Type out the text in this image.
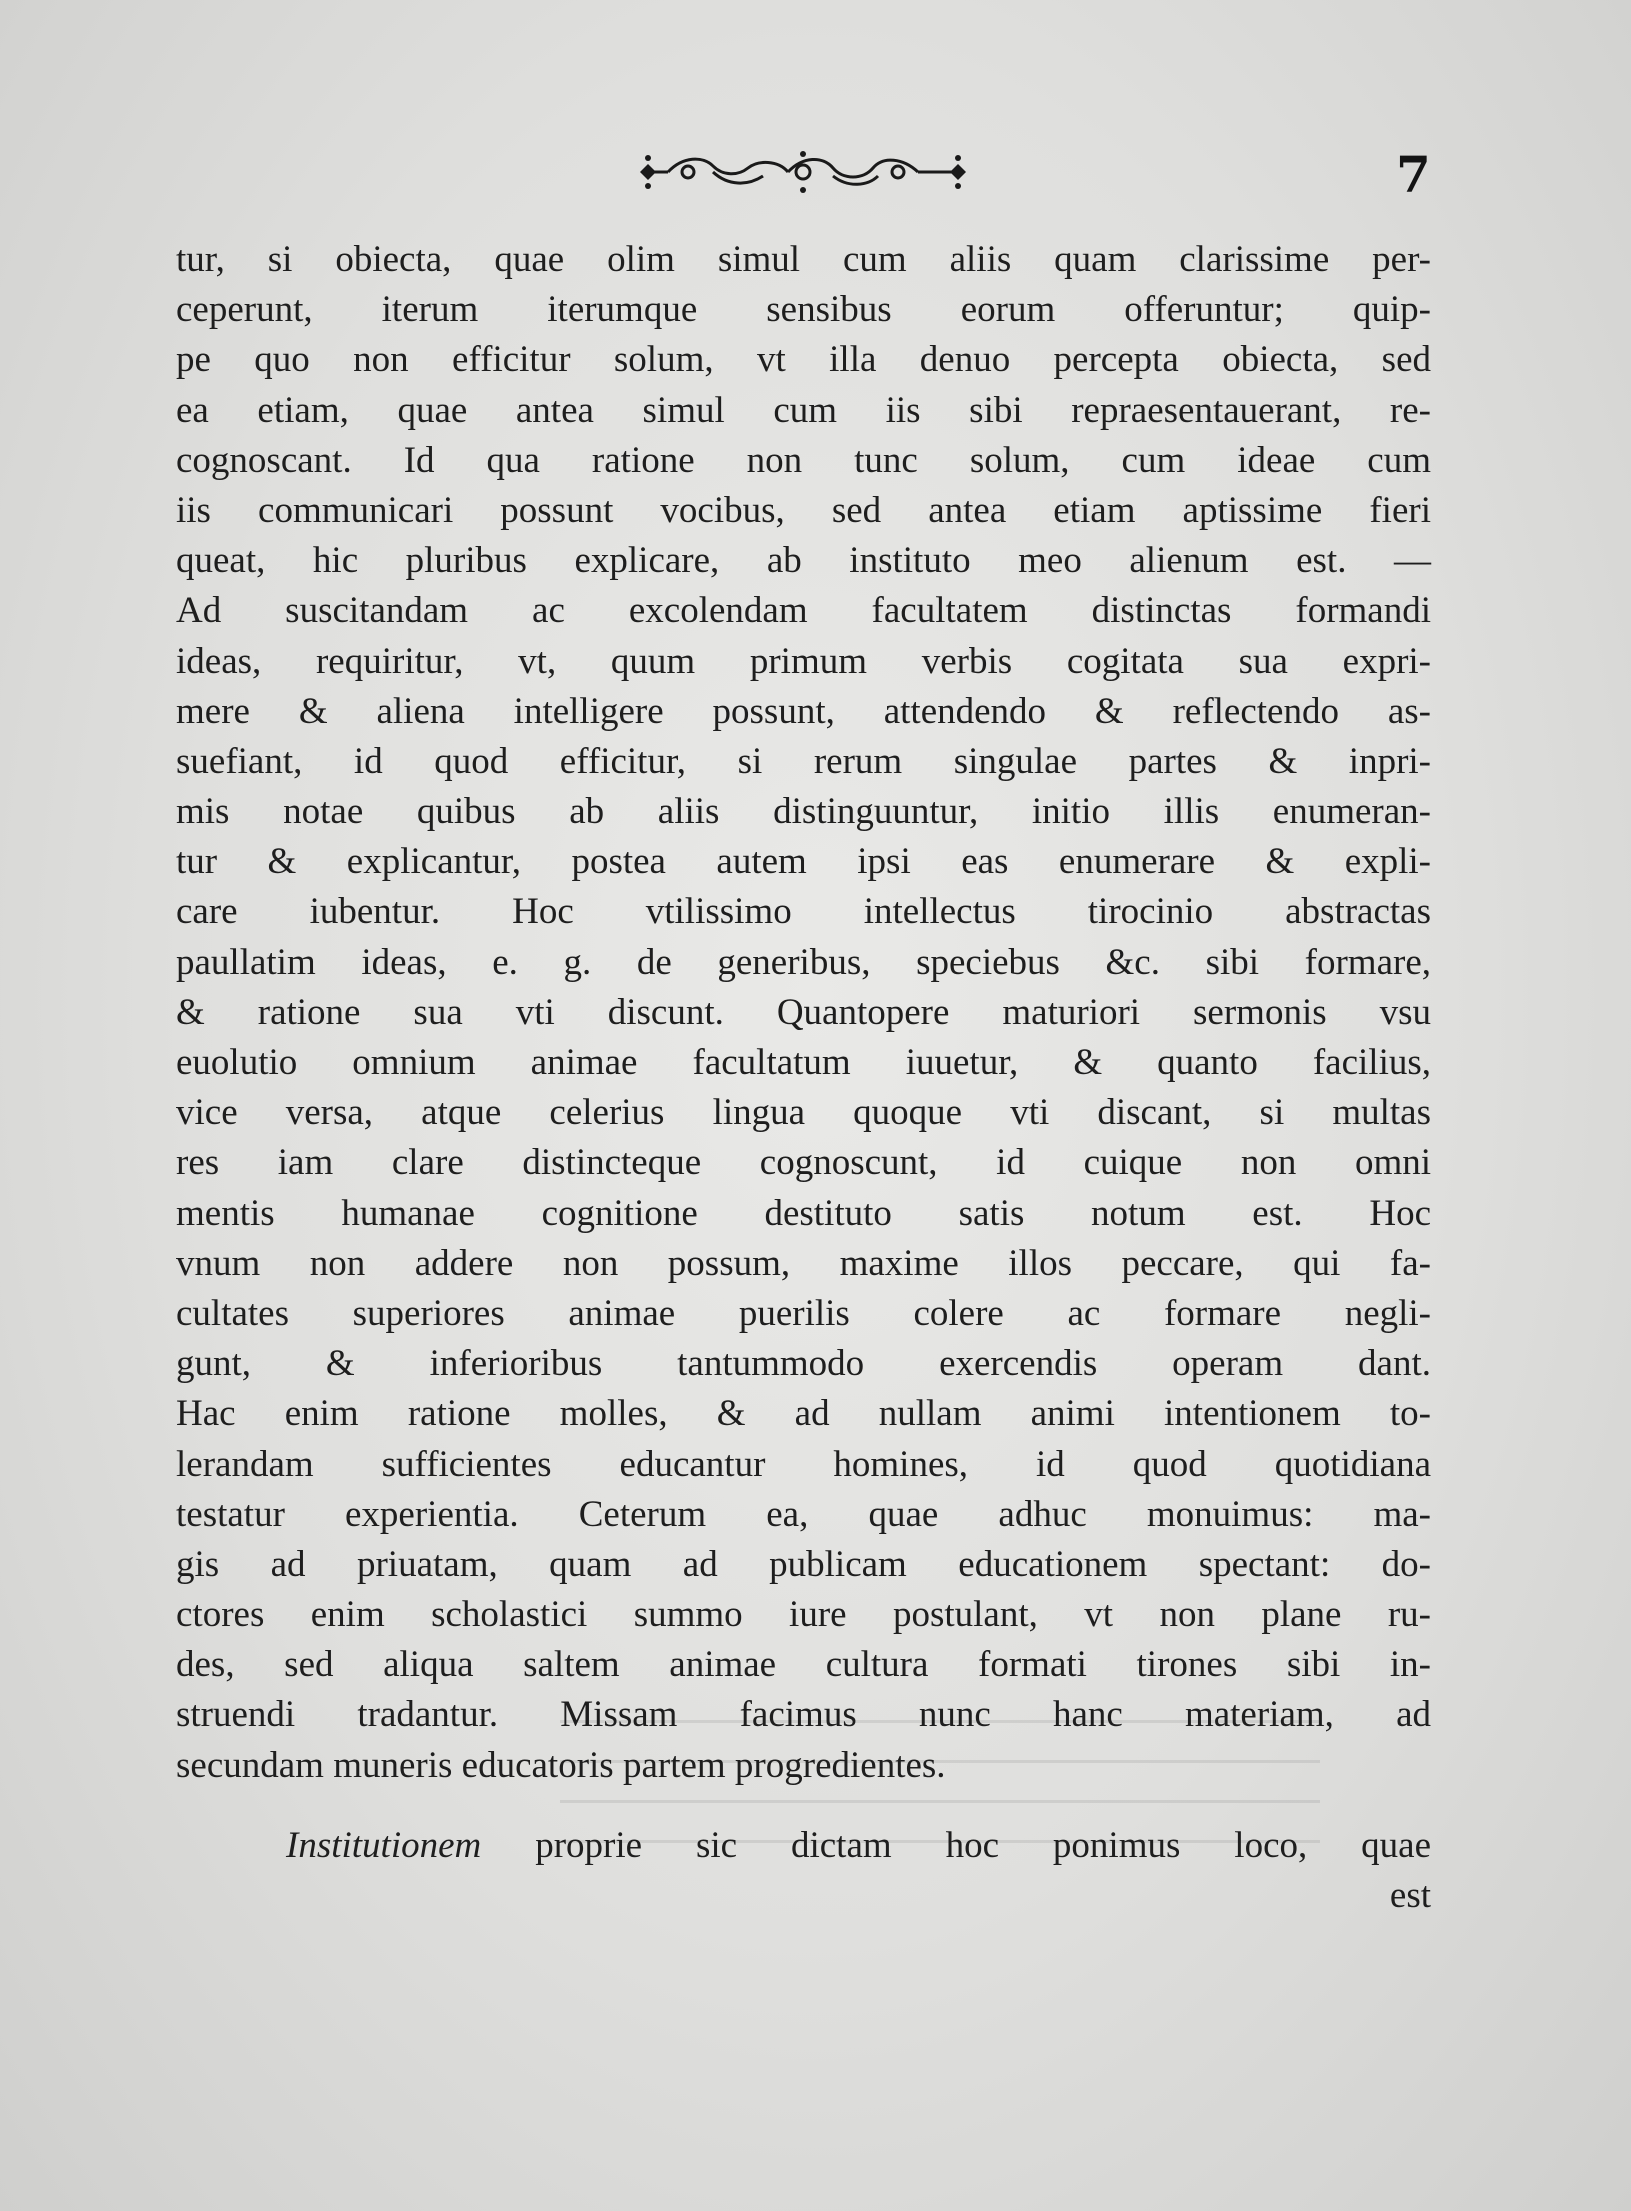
7
tur, si obiecta, quae olim simul cum aliis quam clarissime per-
ceperunt, iterum iterumque sensibus eorum offeruntur; quip-
pe quo non efficitur solum, vt illa denuo percepta obiecta, sed
ea etiam, quae antea simul cum iis sibi repraesentauerant, re-
cognoscant. Id qua ratione non tunc solum, cum ideae cum
iis communicari possunt vocibus, sed antea etiam aptissime fieri
queat, hic pluribus explicare, ab instituto meo alienum est. —
Ad suscitandam ac excolendam facultatem distinctas formandi
ideas, requiritur, vt, quum primum verbis cogitata sua expri-
mere & aliena intelligere possunt, attendendo & reflectendo as-
suefiant, id quod efficitur, si rerum singulae partes & inpri-
mis notae quibus ab aliis distinguuntur, initio illis enumeran-
tur & explicantur, postea autem ipsi eas enumerare & expli-
care iubentur. Hoc vtilissimo intellectus tirocinio abstractas
paullatim ideas, e. g. de generibus, speciebus &c. sibi formare,
& ratione sua vti discunt. Quantopere maturiori sermonis vsu
euolutio omnium animae facultatum iuuetur, & quanto facilius,
vice versa, atque celerius lingua quoque vti discant, si multas
res iam clare distincteque cognoscunt, id cuique non omni
mentis humanae cognitione destituto satis notum est. Hoc
vnum non addere non possum, maxime illos peccare, qui fa-
cultates superiores animae puerilis colere ac formare negli-
gunt, & inferioribus tantummodo exercendis operam dant.
Hac enim ratione molles, & ad nullam animi intentionem to-
lerandam sufficientes educantur homines, id quod quotidiana
testatur experientia. Ceterum ea, quae adhuc monuimus: ma-
gis ad priuatam, quam ad publicam educationem spectant: do-
ctores enim scholastici summo iure postulant, vt non plane ru-
des, sed aliqua saltem animae cultura formati tirones sibi in-
struendi tradantur. Missam facimus nunc hanc materiam, ad
secundam muneris educatoris partem progredientes.
Institutionem proprie sic dictam hoc ponimus loco, quae
est
